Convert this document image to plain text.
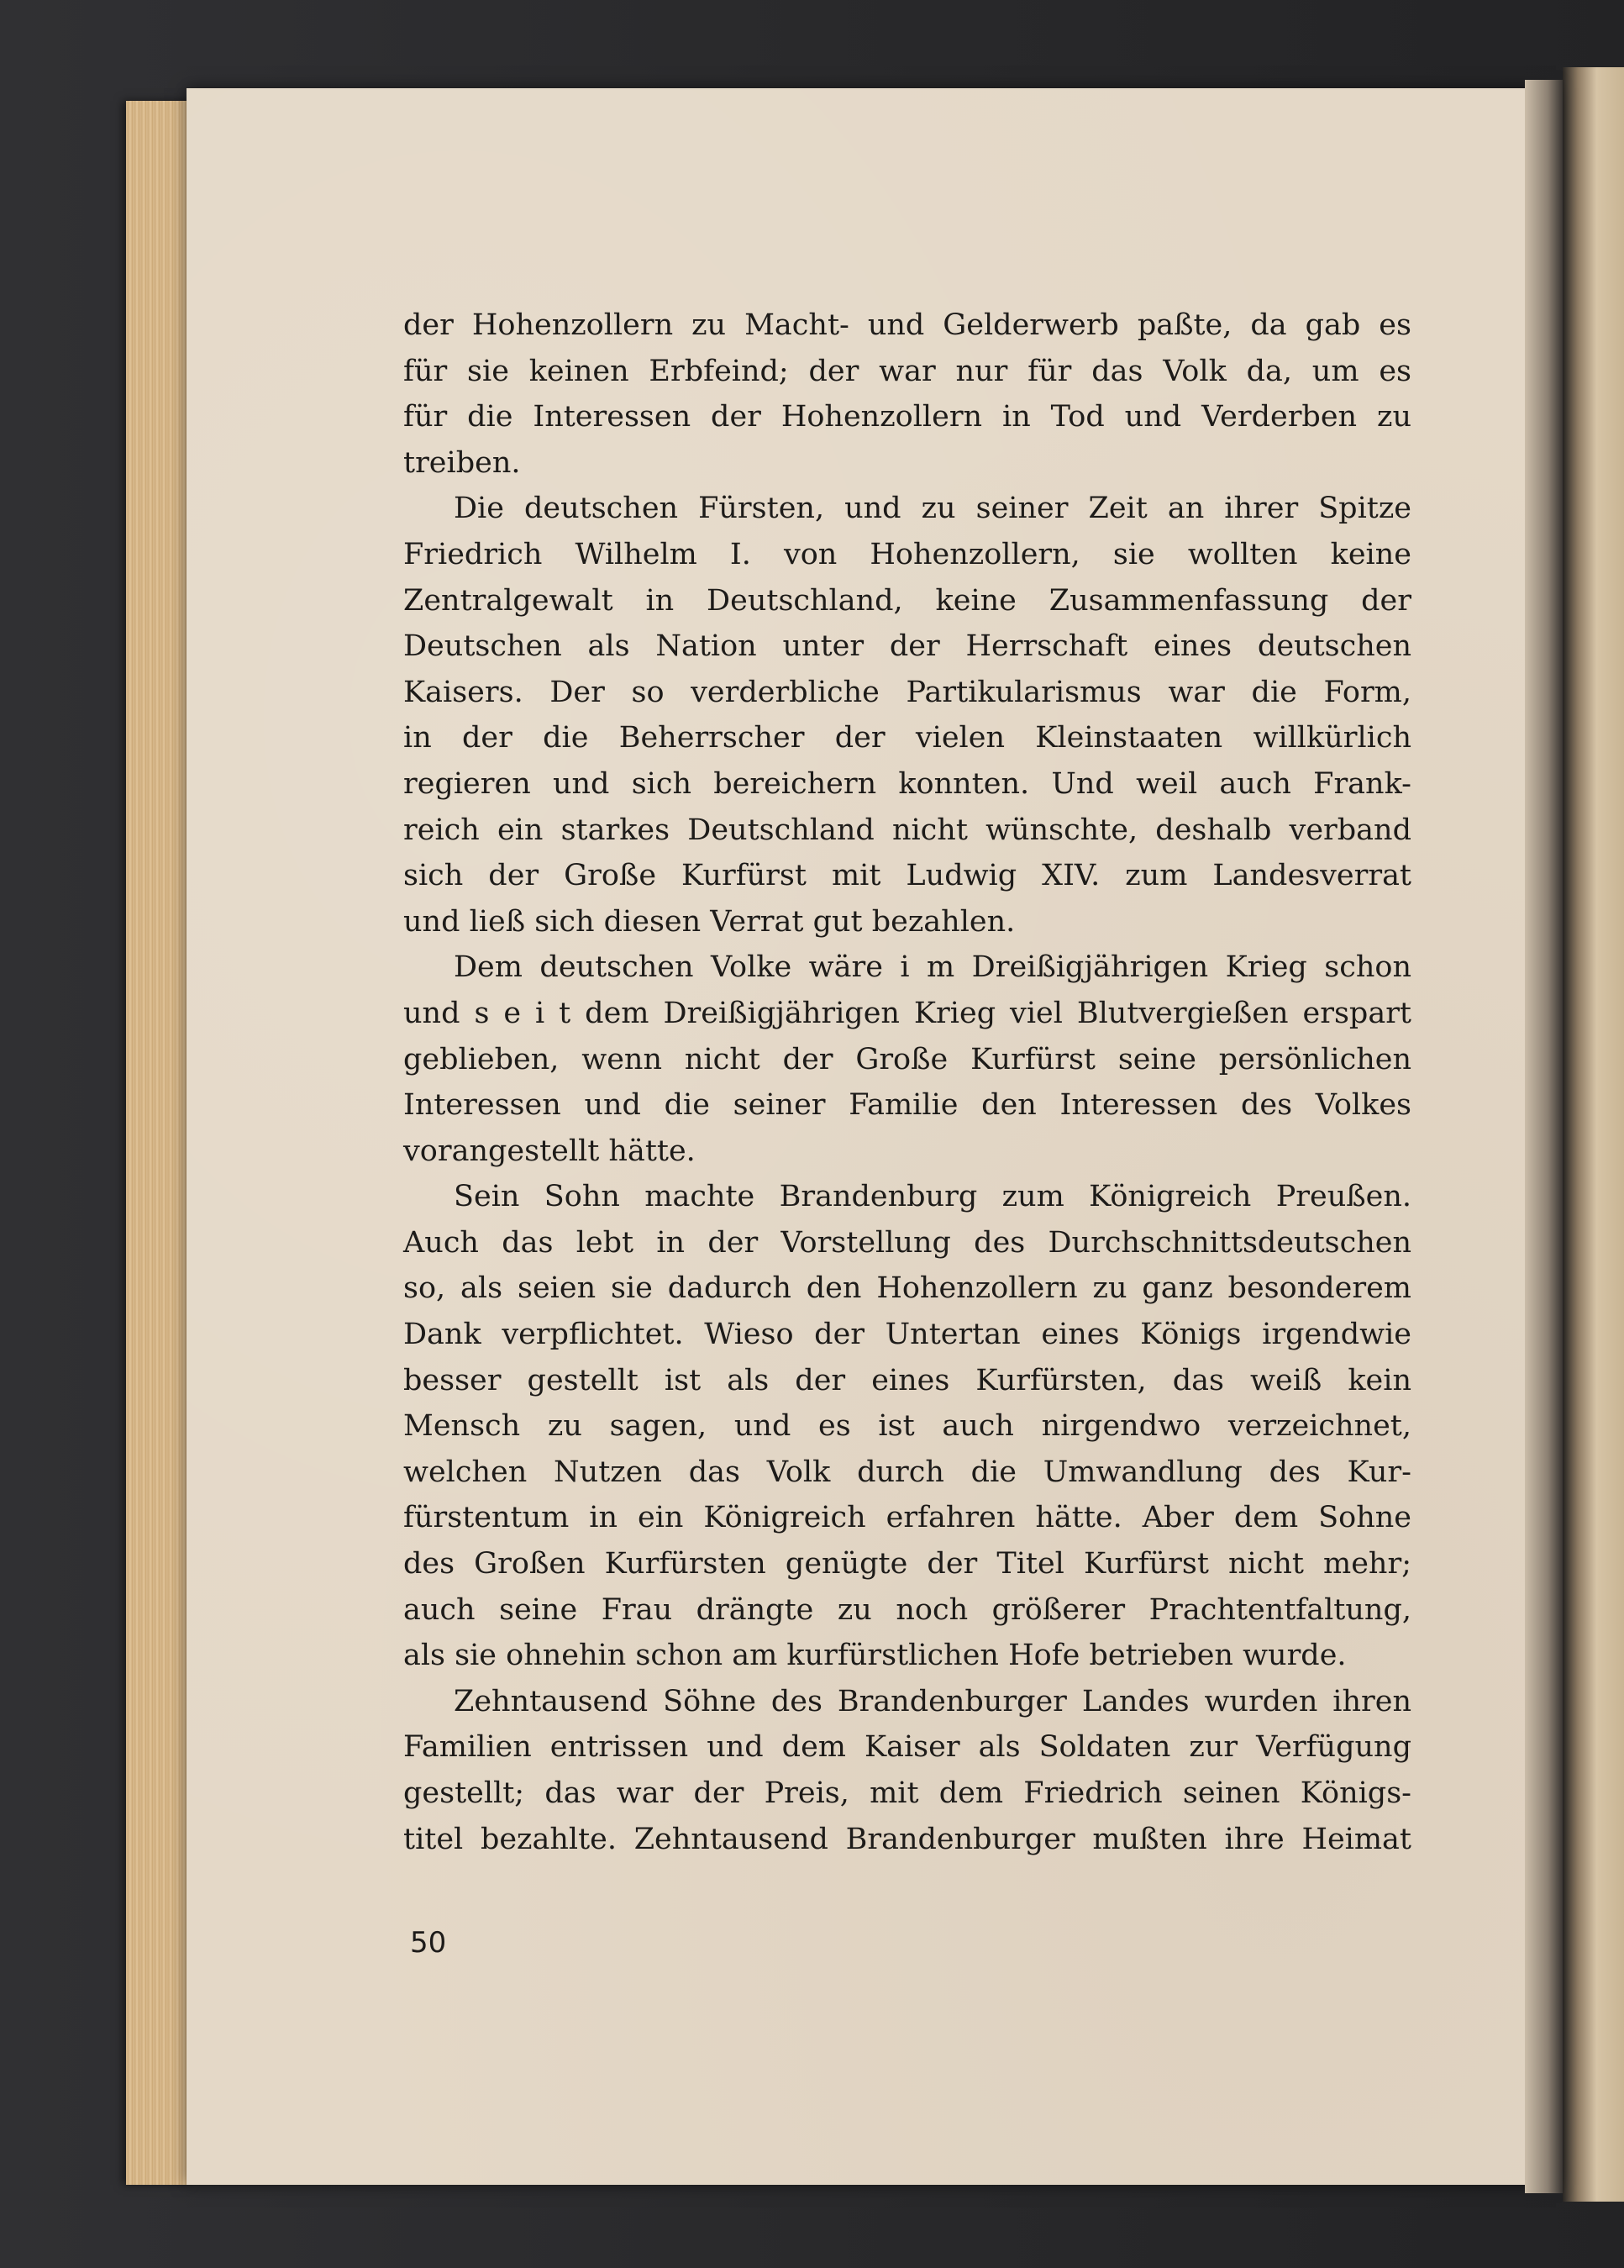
der Hohenzollern zu Macht- und Gelderwerb paßte, da gab es
für sie keinen Erbfeind; der war nur für das Volk da, um es
für die Interessen der Hohenzollern in Tod und Verderben zu
treiben.
Die deutschen Fürsten, und zu seiner Zeit an ihrer Spitze
Friedrich Wilhelm I. von Hohenzollern, sie wollten keine
Zentralgewalt in Deutschland, keine Zusammenfassung der
Deutschen als Nation unter der Herrschaft eines deutschen
Kaisers. Der so verderbliche Partikularismus war die Form,
in der die Beherrscher der vielen Kleinstaaten willkürlich
regieren und sich bereichern konnten. Und weil auch Frank-
reich ein starkes Deutschland nicht wünschte, deshalb verband
sich der Große Kurfürst mit Ludwig XIV. zum Landesverrat
und ließ sich diesen Verrat gut bezahlen.
Dem deutschen Volke wäre i m Dreißigjährigen Krieg schon
und s e i t dem Dreißigjährigen Krieg viel Blutvergießen erspart
geblieben, wenn nicht der Große Kurfürst seine persönlichen
Interessen und die seiner Familie den Interessen des Volkes
vorangestellt hätte.
Sein Sohn machte Brandenburg zum Königreich Preußen.
Auch das lebt in der Vorstellung des Durchschnittsdeutschen
so, als seien sie dadurch den Hohenzollern zu ganz besonderem
Dank verpflichtet. Wieso der Untertan eines Königs irgendwie
besser gestellt ist als der eines Kurfürsten, das weiß kein
Mensch zu sagen, und es ist auch nirgendwo verzeichnet,
welchen Nutzen das Volk durch die Umwandlung des Kur-
fürstentum in ein Königreich erfahren hätte. Aber dem Sohne
des Großen Kurfürsten genügte der Titel Kurfürst nicht mehr;
auch seine Frau drängte zu noch größerer Prachtentfaltung,
als sie ohnehin schon am kurfürstlichen Hofe betrieben wurde.
Zehntausend Söhne des Brandenburger Landes wurden ihren
Familien entrissen und dem Kaiser als Soldaten zur Verfügung
gestellt; das war der Preis, mit dem Friedrich seinen Königs-
titel bezahlte. Zehntausend Brandenburger mußten ihre Heimat
50
